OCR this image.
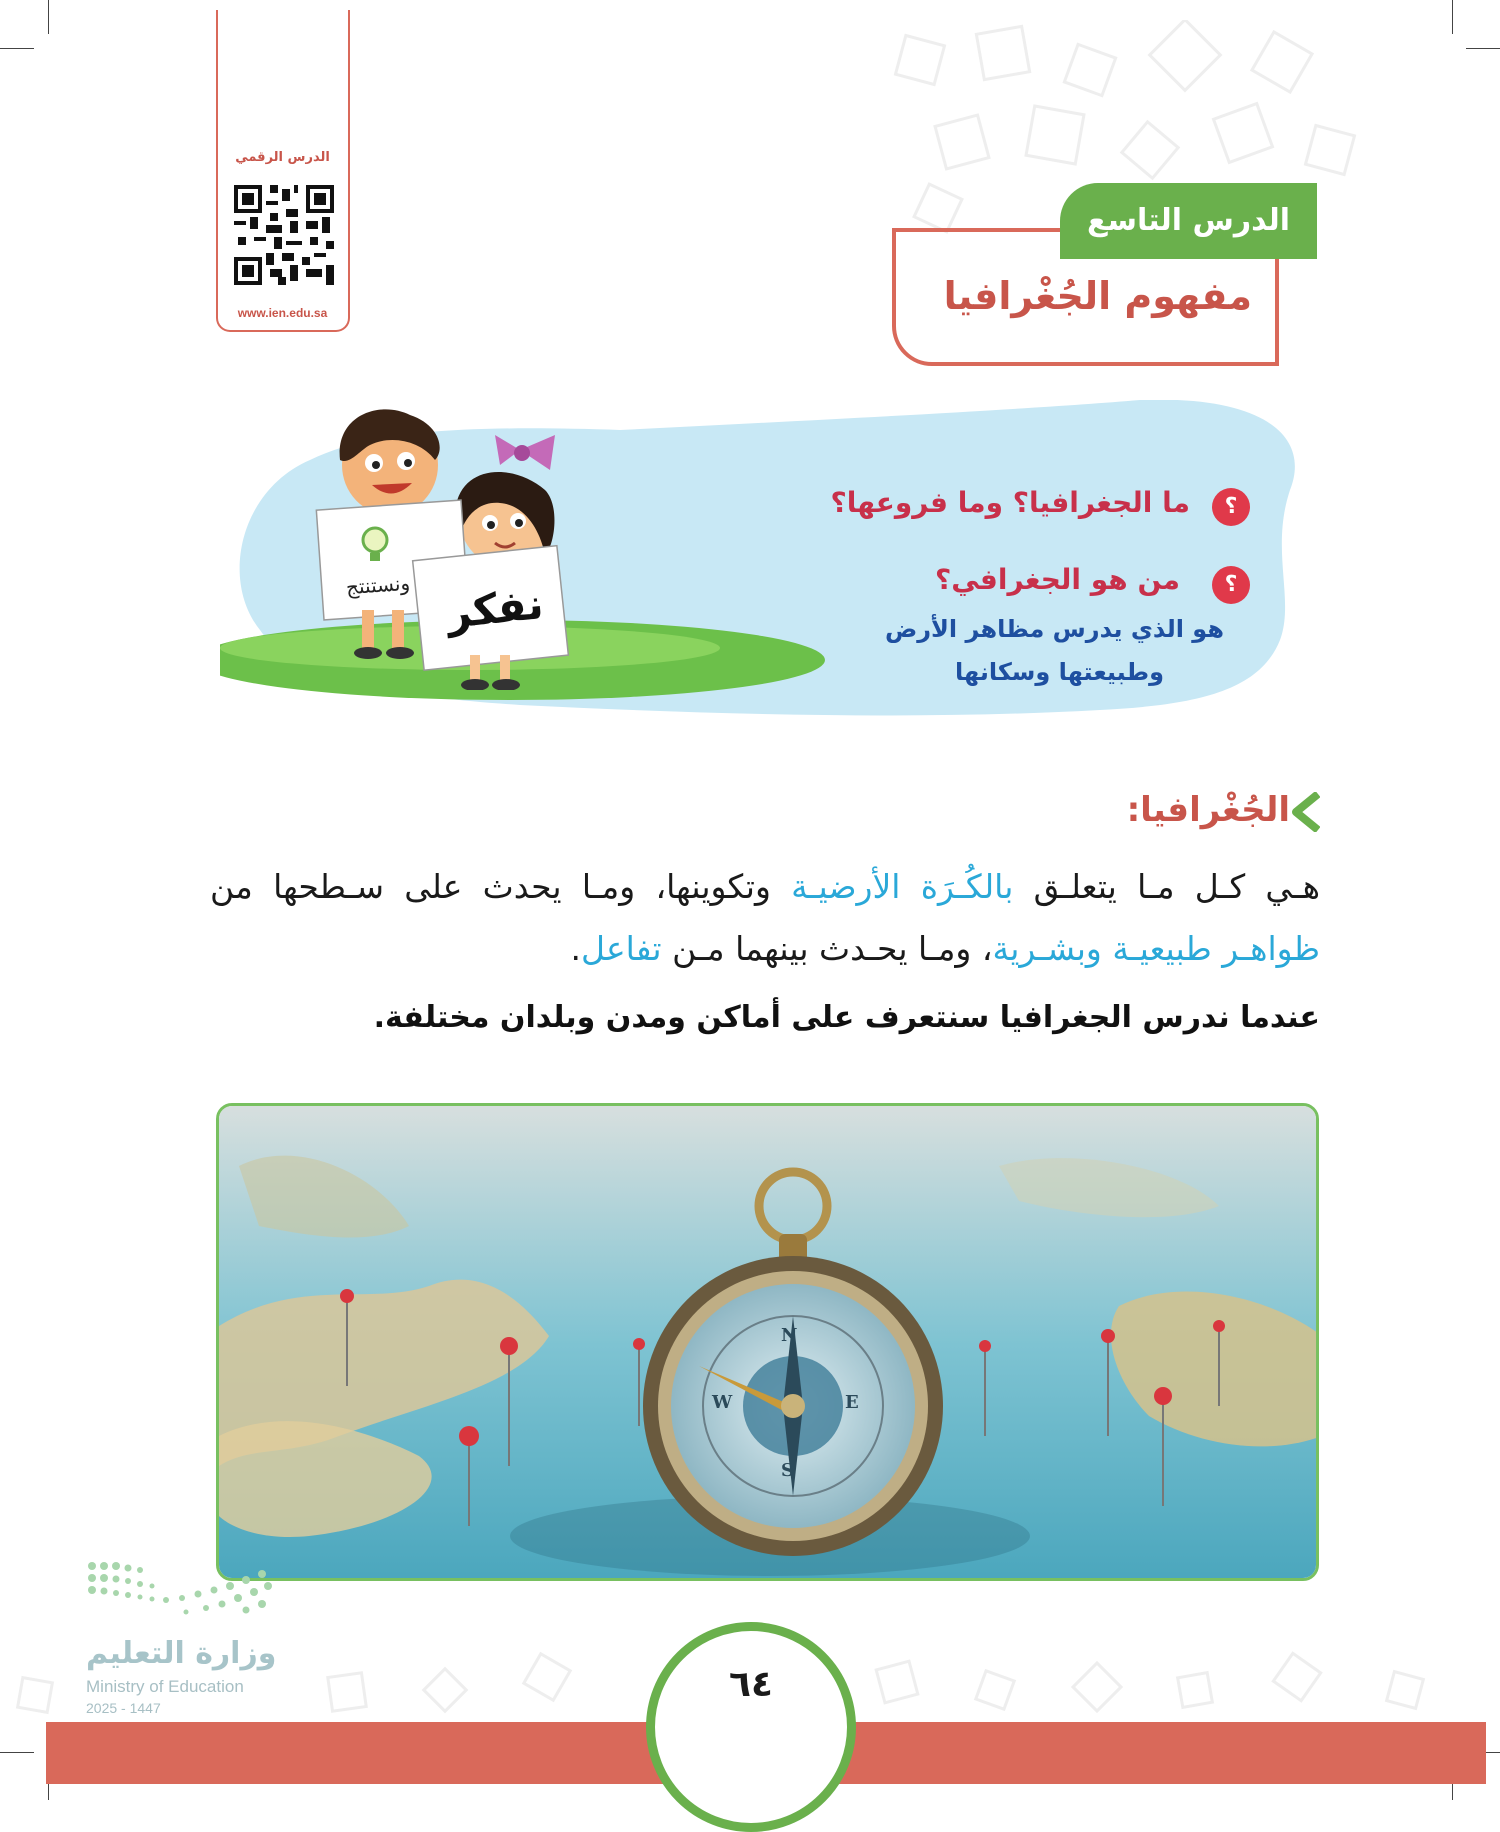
الدرس الرقمي
www.ien.edu.sa
الدرس التاسع
مفهوم الجُغْرافيا
ونستنتج نفكر
؟
ما الجغرافيا؟ وما فروعها؟
؟
من هو الجغرافي؟
هو الذي يدرس مظاهر الأرض
وطبيعتها وسكانها
الجُغْرافيا:
هـي كـل مـا يتعلـق بالكُـرَة الأرضيـة وتكوينها، ومـا يحدث على سـطحها من
ظواهـر طبيعيـة وبشـرية، ومـا يحـدث بينهما مـن تفاعل.
عندما ندرس الجغرافيا سنتعرف على أماكن ومدن وبلدان مختلفة.
N
E
S
W
وزارة التعليم
Ministry of Education
2025 - 1447
٦٤
